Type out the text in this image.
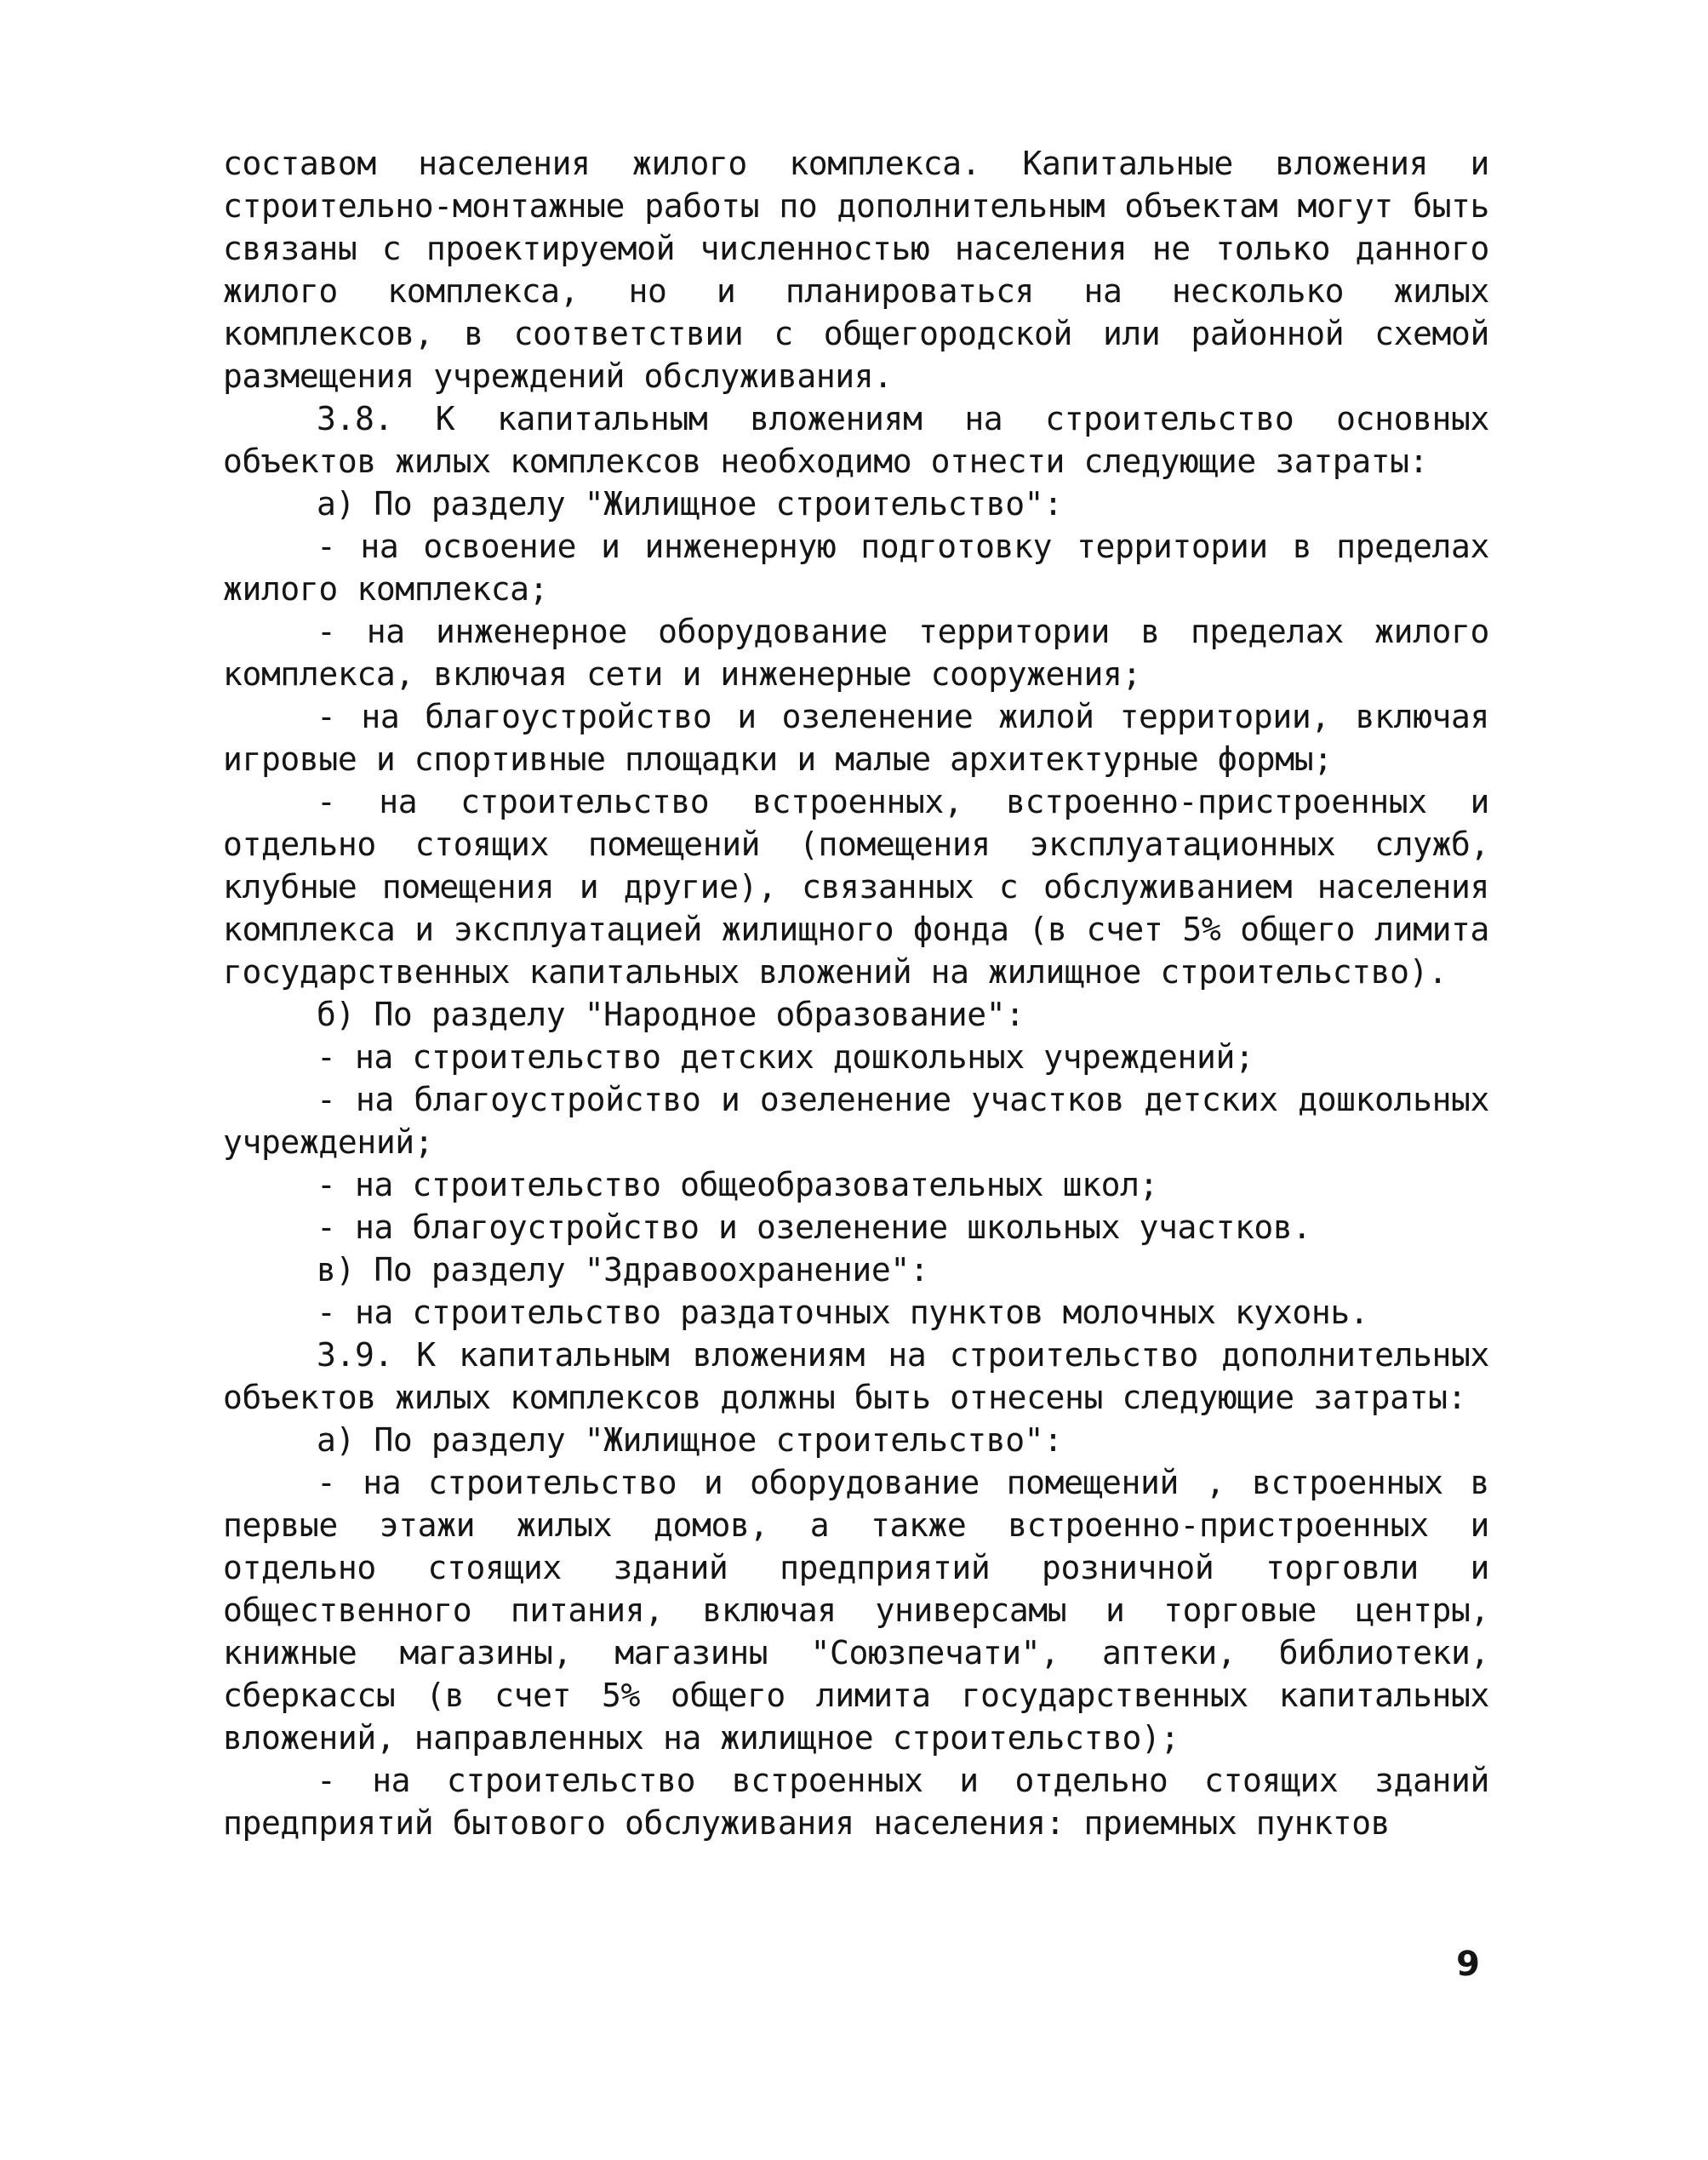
составом населения жилого комплекса. Капитальные вложения и строительно-монтажные работы по дополнительным объектам могут быть связаны с проектируемой численностью населения не только данного жилого комплекса, но и планироваться на несколько жилых комплексов, в соответствии с общегородской или районной схемой размещения учреждений обслуживания.

3.8. К капитальным вложениям на строительство основных объектов жилых комплексов необходимо отнести следующие затраты:

а) По разделу "Жилищное строительство":

- на освоение и инженерную подготовку территории в пределах жилого комплекса;

- на инженерное оборудование территории в пределах жилого комплекса, включая сети и инженерные сооружения;

- на благоустройство и озеленение жилой территории, включая игровые и спортивные площадки и малые архитектурные формы;

- на строительство встроенных, встроенно-пристроенных и отдельно стоящих помещений (помещения эксплуатационных служб, клубные помещения и другие), связанных с обслуживанием населения комплекса и эксплуатацией жилищного фонда (в счет 5% общего лимита государственных капитальных вложений на жилищное строительство).

б) По разделу "Народное образование":

- на строительство детских дошкольных учреждений;

- на благоустройство и озеленение участков детских дошкольных учреждений;

- на строительство общеобразовательных школ;

- на благоустройство и озеленение школьных участков.

в) По разделу "Здравоохранение":

- на строительство раздаточных пунктов молочных кухонь.

3.9. К капитальным вложениям на строительство дополнительных объектов жилых комплексов должны быть отнесены следующие затраты:

а) По разделу "Жилищное строительство":

- на строительство и оборудование помещений , встроенных в первые этажи жилых домов, а также встроенно-пристроенных и отдельно стоящих зданий предприятий розничной торговли и общественного питания, включая универсамы и торговые центры, книжные магазины, магазины "Союзпечати", аптеки, библиотеки, сберкассы (в счет 5% общего лимита государственных капитальных вложений, направленных на жилищное строительство);

- на строительство встроенных и отдельно стоящих зданий предприятий бытового обслуживания населения: приемных пунктов

9
